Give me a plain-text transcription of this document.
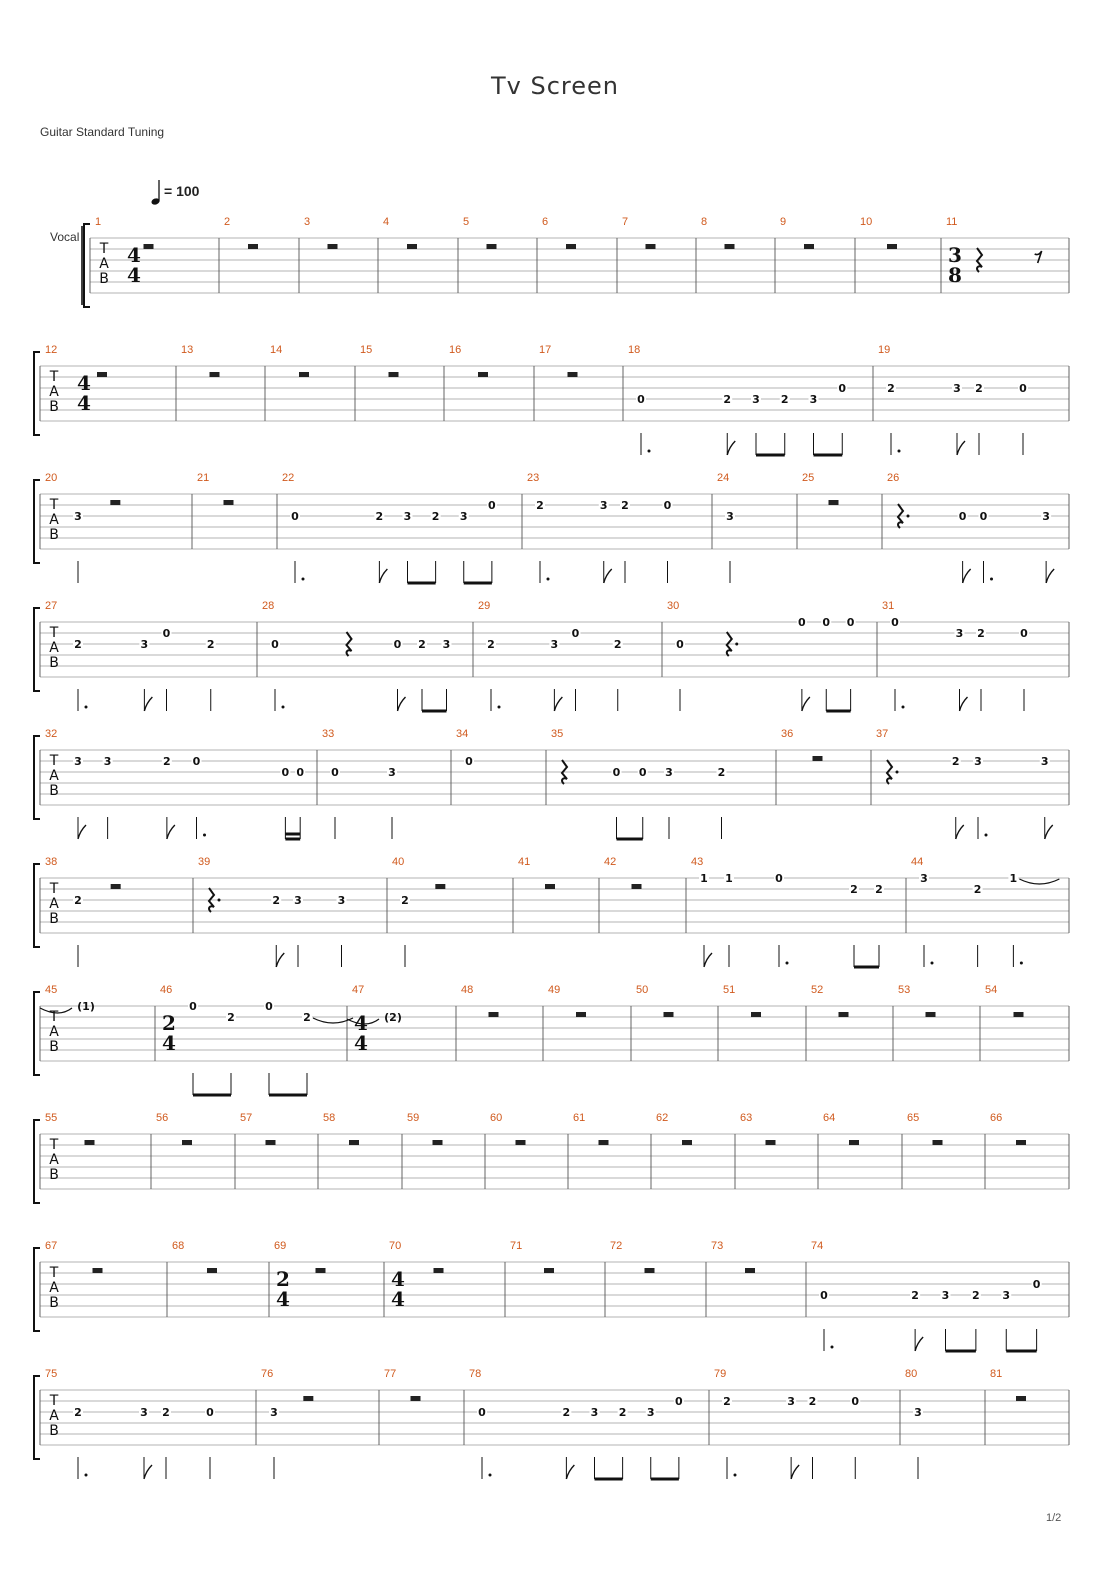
Tv Screen
Guitar Standard Tuning
= 100
Vocal
T
A
B
1
4
4
2	3	4	5	6	7	8	9	10	11
3
8
T
A
B
12
4
4
13	14	15	16	17	18
0	2 3 2 3
0
19
2	3 2	0
T
A
B
20
3
21	22
0	2 3 2 3
0
23
2	3 2	0
24
3
25	26
0 0	3
T
A
B
27
2	3
0
2
28
0	0 2 3
29
2	3
0
2
30
0
0 0 0
31
0
3 2	0
T
A
B
32
3 3	2 0
0 0
33
0	3
34
0
35
0 0 3	2
36	37
2 3	3
T
A
B
38
2
39
2 3	3
40
2
41	42	43
1 1	0
2 2
44
3
2
1
T
A
B
45
(1)
46
2
4
0
2
0
2
47
4
4
(2)
48	49	50	51	52	53	54
T
A
B
55	56	57	58	59	60	61	62	63	64	65	66
T
A
B
67	68	69
2
4
70
4
4
71	72	73	74
0	2 3 2 3
0
T
A
B
75
2	3 2	0
76
3
77	78
0	2 3 2 3
0
79
2	3 2	0
80
3
81
1/2
